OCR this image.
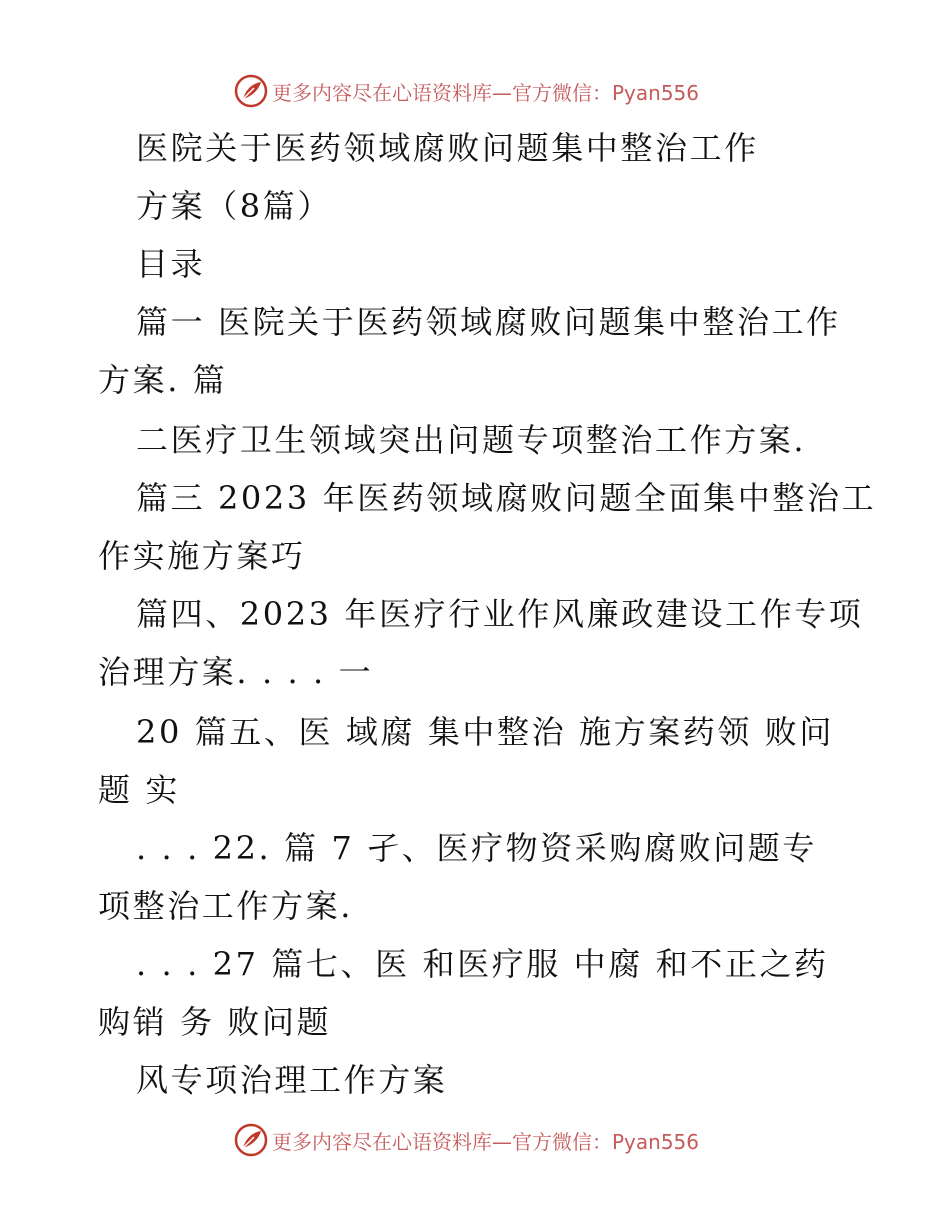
更多内容尽在心语资料库—官方微信：Pyan556
医院关于医药领域腐败问题集中整治工作
方案（8篇）
目录
篇一 医院关于医药领域腐败问题集中整治工作
方案. 篇
二医疗卫生领域突出问题专项整治工作方案.
篇三 2023 年医药领域腐败问题全面集中整治工
作实施方案巧
篇四、2023 年医疗行业作风廉政建设工作专项
治理方案. . . . 一
20 篇五、医 域腐 集中整治 施方案药领 败问
题 实
. . . 22. 篇 7 孑、医疗物资采购腐败问题专
项整治工作方案.
. . . 27 篇七、医 和医疗服 中腐 和不正之药
购销 务 败问题
风专项治理工作方案
更多内容尽在心语资料库—官方微信：Pyan556
